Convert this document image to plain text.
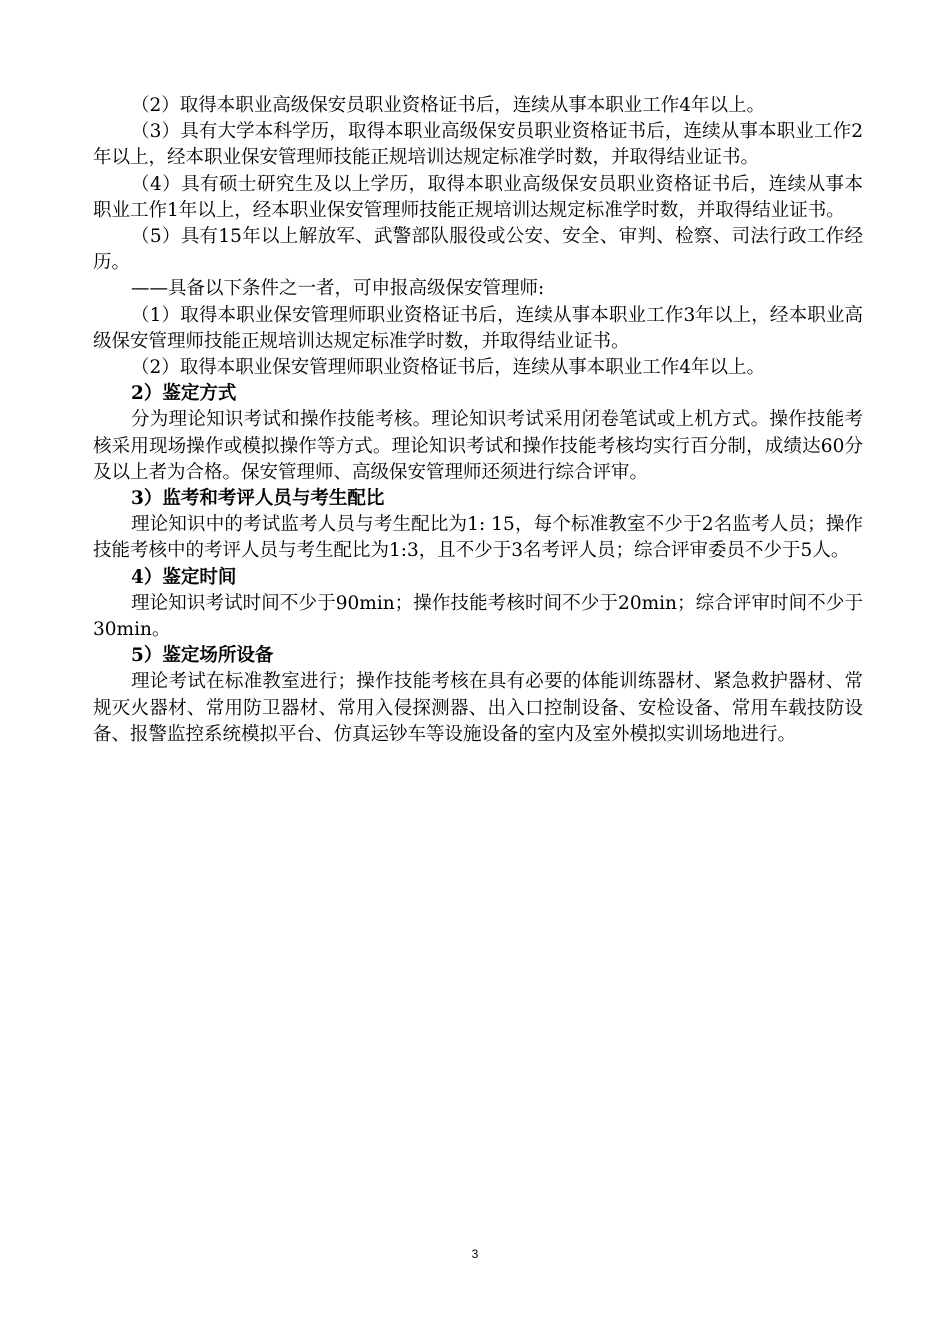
（2）取得本职业高级保安员职业资格证书后，连续从事本职业工作4年以上。

（3）具有大学本科学历，取得本职业高级保安员职业资格证书后，连续从事本职业工作2年以上，经本职业保安管理师技能正规培训达规定标准学时数，并取得结业证书。

（4）具有硕士研究生及以上学历，取得本职业高级保安员职业资格证书后，连续从事本职业工作1年以上，经本职业保安管理师技能正规培训达规定标准学时数，并取得结业证书。

（5）具有15年以上解放军、武警部队服役或公安、安全、审判、检察、司法行政工作经历。

——具备以下条件之一者，可申报高级保安管理师:

（1）取得本职业保安管理师职业资格证书后，连续从事本职业工作3年以上，经本职业高级保安管理师技能正规培训达规定标准学时数，并取得结业证书。

（2）取得本职业保安管理师职业资格证书后，连续从事本职业工作4年以上。

2）鉴定方式

分为理论知识考试和操作技能考核。理论知识考试采用闭卷笔试或上机方式。操作技能考核采用现场操作或模拟操作等方式。理论知识考试和操作技能考核均实行百分制，成绩达60分及以上者为合格。保安管理师、高级保安管理师还须进行综合评审。

3）监考和考评人员与考生配比

理论知识中的考试监考人员与考生配比为1: 15，每个标准教室不少于2名监考人员；操作技能考核中的考评人员与考生配比为1:3，且不少于3名考评人员；综合评审委员不少于5人。

4）鉴定时间

理论知识考试时间不少于90min；操作技能考核时间不少于20min；综合评审时间不少于30min。

5）鉴定场所设备

理论考试在标准教室进行；操作技能考核在具有必要的体能训练器材、紧急救护器材、常规灭火器材、常用防卫器材、常用入侵探测器、出入口控制设备、安检设备、常用车载技防设备、报警监控系统模拟平台、仿真运钞车等设施设备的室内及室外模拟实训场地进行。

3
